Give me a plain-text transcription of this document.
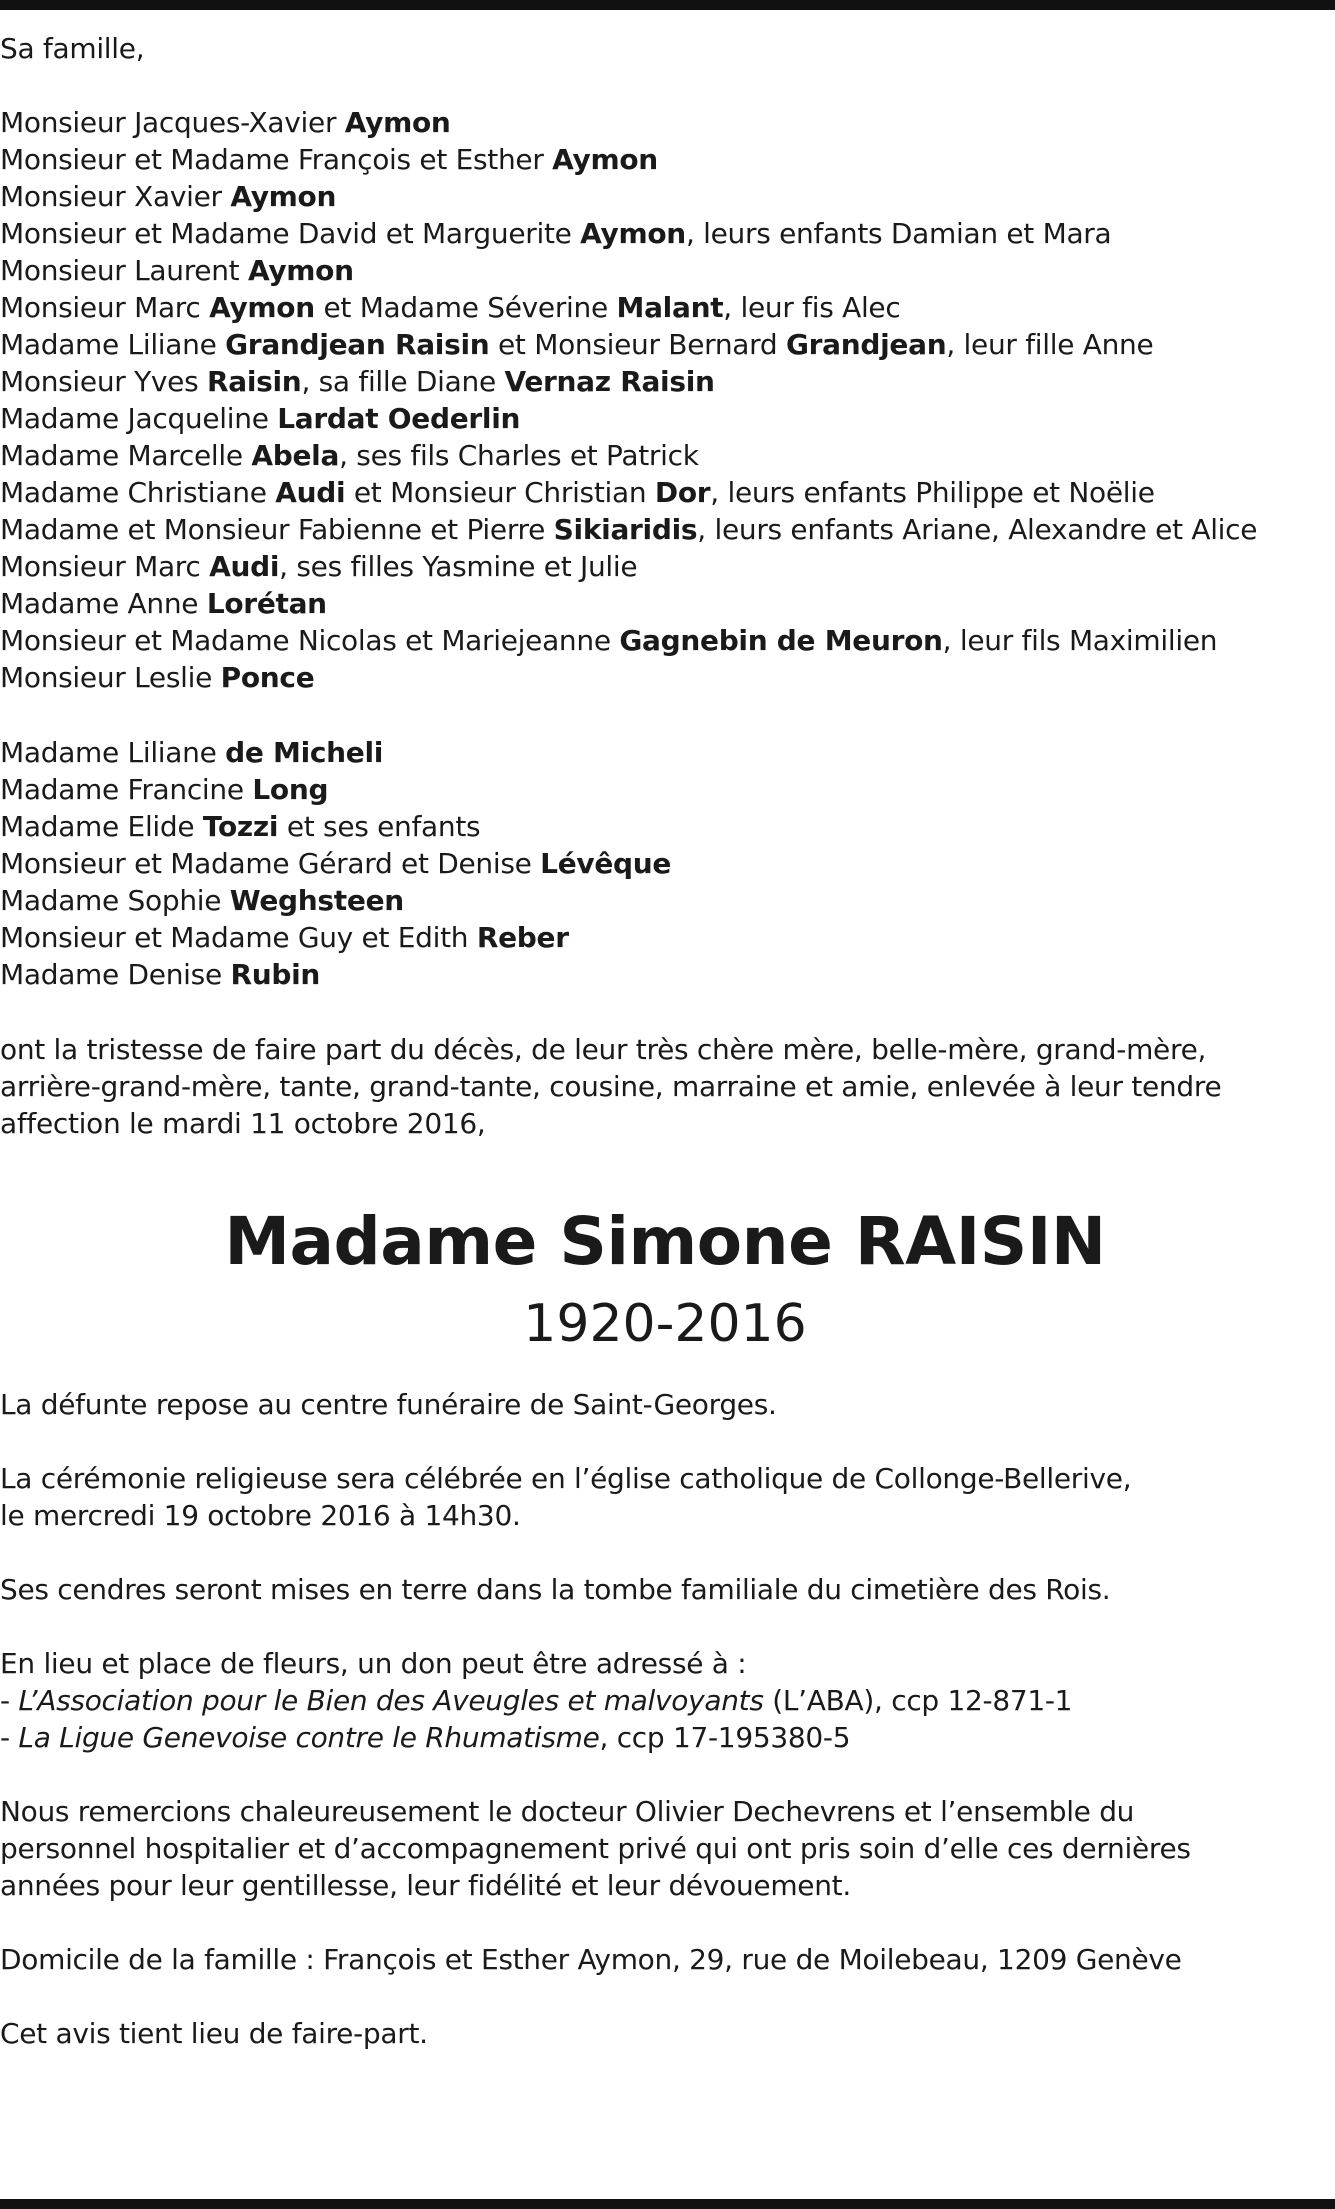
Sa famille,
Monsieur Jacques-Xavier Aymon
Monsieur et Madame François et Esther Aymon
Monsieur Xavier Aymon
Monsieur et Madame David et Marguerite Aymon, leurs enfants Damian et Mara
Monsieur Laurent Aymon
Monsieur Marc Aymon et Madame Séverine Malant, leur fis Alec
Madame Liliane Grandjean Raisin et Monsieur Bernard Grandjean, leur fille Anne
Monsieur Yves Raisin, sa fille Diane Vernaz Raisin
Madame Jacqueline Lardat Oederlin
Madame Marcelle Abela, ses fils Charles et Patrick
Madame Christiane Audi et Monsieur Christian Dor, leurs enfants Philippe et Noëlie
Madame et Monsieur Fabienne et Pierre Sikiaridis, leurs enfants Ariane, Alexandre et Alice
Monsieur Marc Audi, ses filles Yasmine et Julie
Madame Anne Lorétan
Monsieur et Madame Nicolas et Mariejeanne Gagnebin de Meuron, leur fils Maximilien
Monsieur Leslie Ponce
Madame Liliane de Micheli
Madame Francine Long
Madame Elide Tozzi et ses enfants
Monsieur et Madame Gérard et Denise Lévêque
Madame Sophie Weghsteen
Monsieur et Madame Guy et Edith Reber
Madame Denise Rubin
ont la tristesse de faire part du décès, de leur très chère mère, belle-mère, grand-mère,
arrière-grand-mère, tante, grand-tante, cousine, marraine et amie, enlevée à leur tendre
affection le mardi 11 octobre 2016,
Madame Simone RAISIN
1920-2016
La défunte repose au centre funéraire de Saint-Georges.
La cérémonie religieuse sera célébrée en l’église catholique de Collonge-Bellerive,
le mercredi 19 octobre 2016 à 14h30.
Ses cendres seront mises en terre dans la tombe familiale du cimetière des Rois.
En lieu et place de fleurs, un don peut être adressé à :
- L’Association pour le Bien des Aveugles et malvoyants (L’ABA), ccp 12-871-1
- La Ligue Genevoise contre le Rhumatisme, ccp 17-195380-5
Nous remercions chaleureusement le docteur Olivier Dechevrens et l’ensemble du
personnel hospitalier et d’accompagnement privé qui ont pris soin d’elle ces dernières
années pour leur gentillesse, leur fidélité et leur dévouement.
Domicile de la famille : François et Esther Aymon, 29, rue de Moilebeau, 1209 Genève
Cet avis tient lieu de faire-part.
